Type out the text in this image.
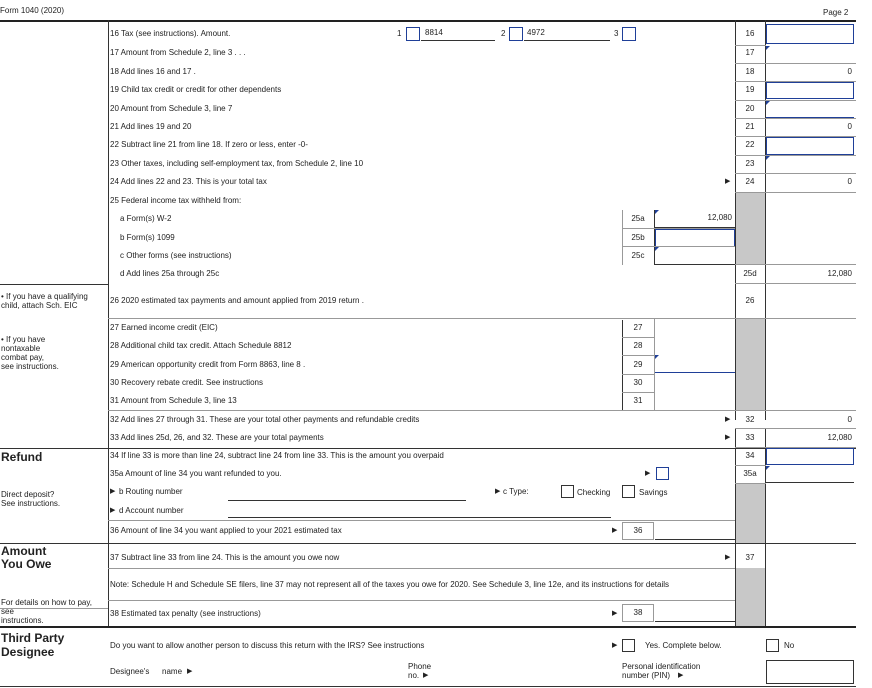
Form 1040 (2020)	Page 2
16 Tax (see instructions). Amount.	1	8814	2	4972	3	16
17 Amount from Schedule 2, line 3 . . .	17
18 Add lines 16 and 17 .	18	0
19 Child tax credit or credit for other dependents	19
20 Amount from Schedule 3, line 7	20
21 Add lines 19 and 20	21	0
22 Subtract line 21 from line 18. If zero or less, enter -0-	22
23 Other taxes, including self-employment tax, from Schedule 2, line 10	23
24 Add lines 22 and 23. This is your total tax	▶	24	0
25 Federal income tax withheld from:
a Form(s) W-2	25a	12,080
b Form(s) 1099	25b
c Other forms (see instructions)	25c
d Add lines 25a through 25c	25d	12,080
• If you have a qualifying
child, attach Sch. EIC
• If you have
nontaxable
combat pay,
see instructions.
26 2020 estimated tax payments and amount applied from 2019 return .	26
27 Earned income credit (EIC)	27
28 Additional child tax credit. Attach Schedule 8812	28
29 American opportunity credit from Form 8863, line 8 .	29
30 Recovery rebate credit. See instructions	30
31 Amount from Schedule 3, line 13	31
32 Add lines 27 through 31. These are your total other payments and refundable credits	▶	32	0
33 Add lines 25d, 26, and 32. These are your total payments	▶	33	12,080
Refund
Direct deposit?
See instructions.
34 If line 33 is more than line 24, subtract line 24 from line 33. This is the amount you overpaid	34
35a Amount of line 34 you want refunded to you.	▶	35a
▶ b Routing number	▶ c Type:	Checking	Savings
▶ d Account number
36 Amount of line 34 you want applied to your 2021 estimated tax	▶	36
Amount
You Owe
For details on how to pay,
see
instructions.
37 Subtract line 33 from line 24. This is the amount you owe now	▶	37
Note: Schedule H and Schedule SE filers, line 37 may not represent all of the taxes you owe for 2020. See Schedule 3, line 12e, and its instructions for details
38 Estimated tax penalty (see instructions)	▶	38
Third Party
Designee	Do you want to allow another person to discuss this return with the IRS? See instructions	▶	Yes. Complete below.	No
Designee's name ▶
Phone
no. ▶
Personal identification
number (PIN) ▶
